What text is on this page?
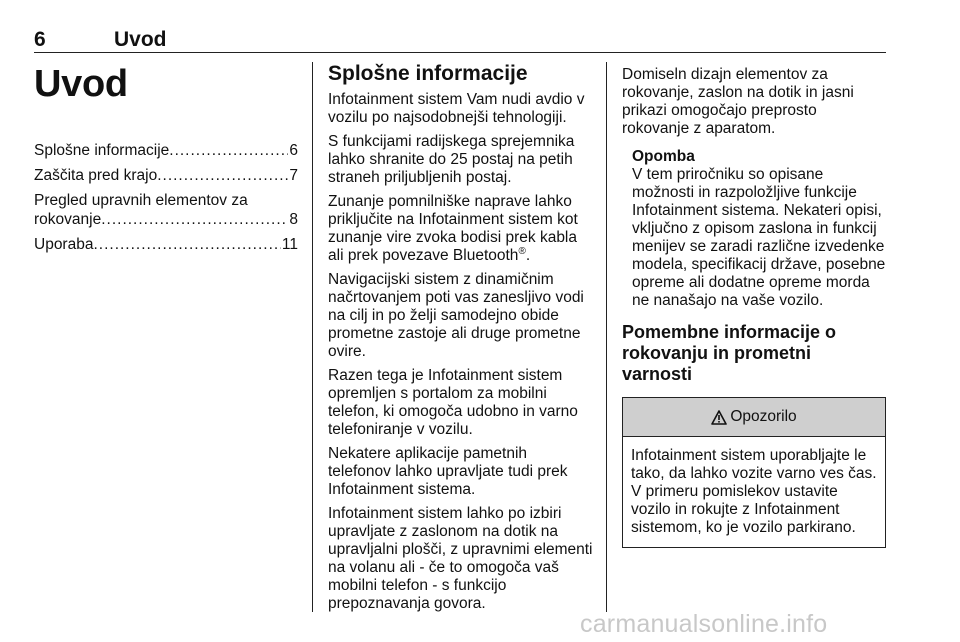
6	Uvod
Uvod
Splošne informacije .....	6
Zaščita pred krajo .....	7
Pregled upravnih elementov za
rokovanje .....	8
Uporaba .....	11
Splošne informacije

Infotainment sistem Vam nudi avdio v vozilu po najsodobnejši tehnologiji.

S funkcijami radijskega sprejemnika lahko shranite do 25 postaj na petih straneh priljubljenih postaj.

Zunanje pomnilniške naprave lahko priključite na Infotainment sistem kot zunanje vire zvoka bodisi prek kabla ali prek povezave Bluetooth®.

Navigacijski sistem z dinamičnim načrtovanjem poti vas zanesljivo vodi na cilj in po želji samodejno obide prometne zastoje ali druge prometne ovire.

Razen tega je Infotainment sistem opremljen s portalom za mobilni telefon, ki omogoča udobno in varno telefoniranje v vozilu.

Nekatere aplikacije pametnih telefonov lahko upravljate tudi prek Infotainment sistema.

Infotainment sistem lahko po izbiri upravljate z zaslonom na dotik na upravljalni plošči, z upravnimi elementi na volanu ali - če to omogoča vaš mobilni telefon - s funkcijo prepoznavanja govora.

Domiseln dizajn elementov za rokovanje, zaslon na dotik in jasni prikazi omogočajo preprosto rokovanje z aparatom.

Opomba

V tem priročniku so opisane možnosti in razpoložljive funkcije Infotainment sistema. Nekateri opisi, vključno z opisom zaslona in funkcij menijev se zaradi različne izvedenke modela, specifikacij države, posebne opreme ali dodatne opreme morda ne nanašajo na vaše vozilo.

Pomembne informacije o rokovanju in prometni varnosti
Opozorilo

Infotainment sistem uporabljajte le tako, da lahko vozite varno ves čas. V primeru pomislekov ustavite vozilo in rokujte z Infotainment sistemom, ko je vozilo parkirano.

carmanualsonline.info
